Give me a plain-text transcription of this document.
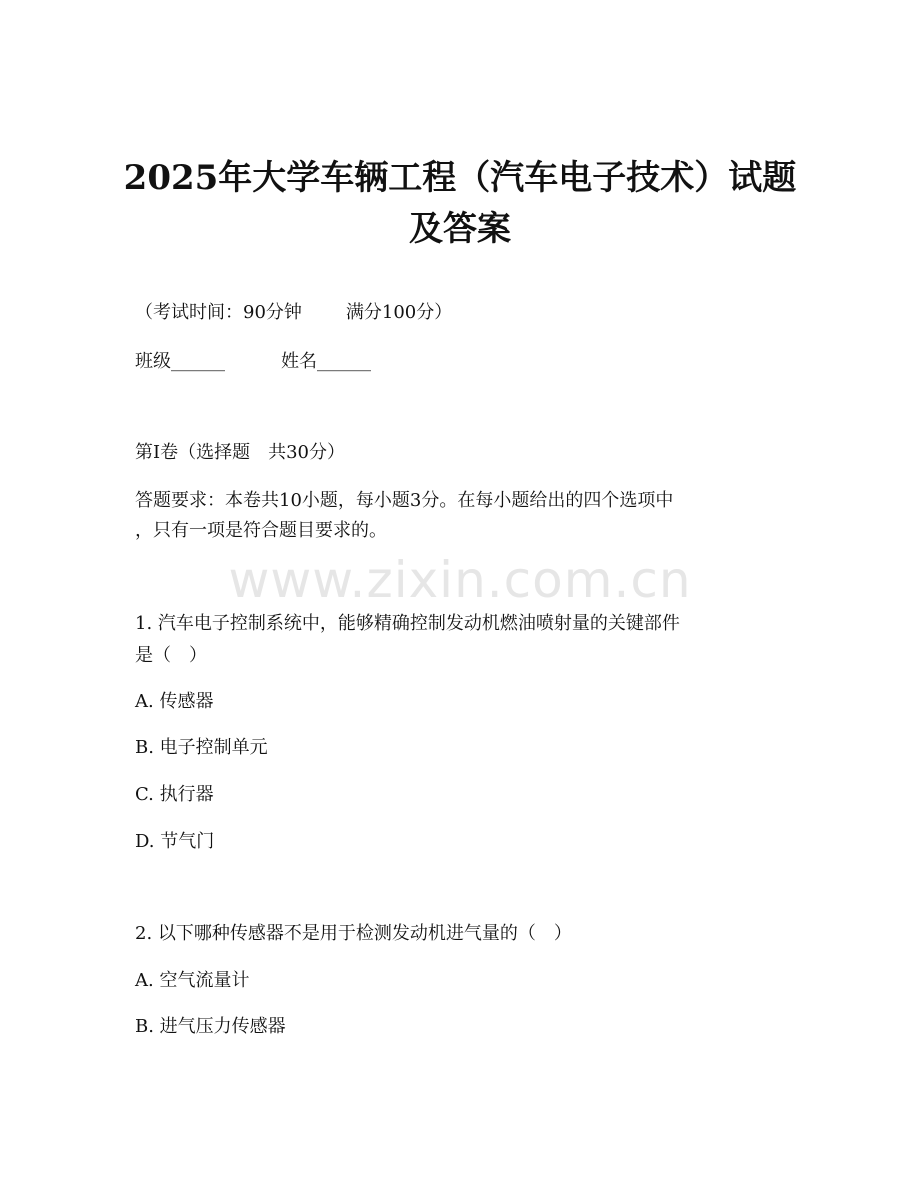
2025年大学车辆工程（汽车电子技术）试题
及答案
（考试时间：90分钟 满分100分）
班级______	姓名______
第I卷（选择题　共30分）
答题要求：本卷共10小题，每小题3分。在每小题给出的四个选项中
，只有一项是符合题目要求的。
www.zixin.com.cn
1. 汽车电子控制系统中，能够精确控制发动机燃油喷射量的关键部件
是（　）
A. 传感器
B. 电子控制单元
C. 执行器
D. 节气门
2. 以下哪种传感器不是用于检测发动机进气量的（　）
A. 空气流量计
B. 进气压力传感器
